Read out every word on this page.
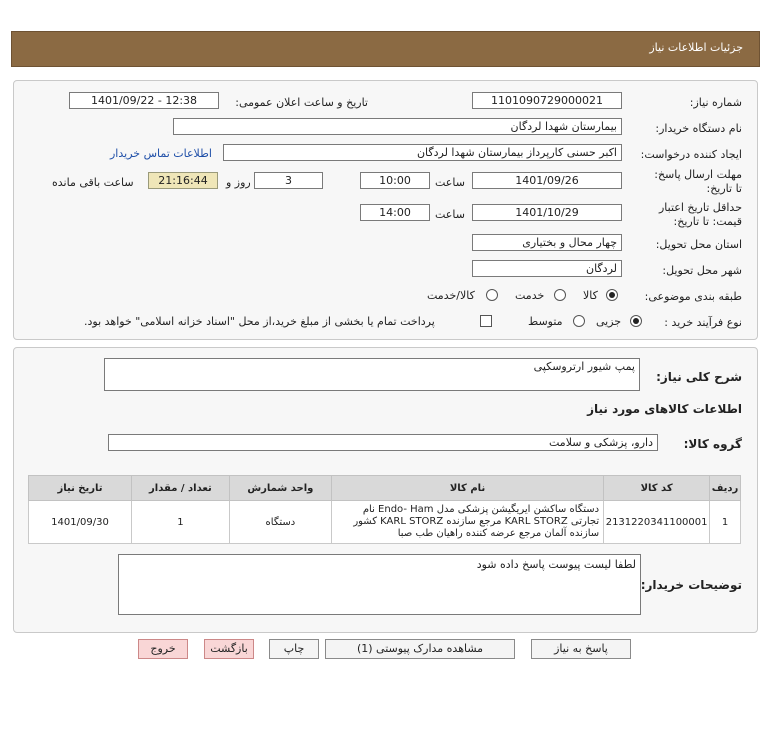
جزئیات اطلاعات نیاز
شماره نیاز:
1101090729000021
تاریخ و ساعت اعلان عمومی:
1401/09/22 - 12:38
نام دستگاه خریدار:
بیمارستان شهدا لردگان
ایجاد کننده درخواست:
اکبر حسنی کارپرداز بیمارستان شهدا لردگان
اطلاعات تماس خریدار
مهلت ارسال پاسخ: تا تاریخ:
1401/09/26
ساعت
10:00
3
روز و
21:16:44
ساعت باقی مانده
حداقل تاریخ اعتبار قیمت: تا تاریخ:
1401/10/29
ساعت
14:00
استان محل تحویل:
چهار محال و بختیاری
شهر محل تحویل:
لردگان
طبقه بندی موضوعی:
کالا
خدمت
کالا/خدمت
نوع فرآیند خرید :
جزیی
متوسط
پرداخت تمام یا بخشی از مبلغ خرید،از محل "اسناد خزانه اسلامی" خواهد بود.
شرح کلی نیاز:
پمپ شیور ارتروسکپی
اطلاعات کالاهای مورد نیاز
گروه کالا:
دارو، پزشکی و سلامت
ردیف	کد کالا	نام کالا	واحد شمارش	تعداد / مقدار	تاریخ نیاز
1	2131220341100001	دستگاه ساکشن ایریگیشن پزشکی مدل Endo- Ham نام تجارتی KARL STORZ مرجع سازنده KARL STORZ کشور سازنده آلمان مرجع عرضه کننده راهیان طب صبا	دستگاه	1	1401/09/30
توضیحات خریدار:
لطفا لیست پیوست پاسخ داده شود
پاسخ به نیاز
مشاهده مدارک پیوستی (1)
چاپ
بازگشت
خروج
